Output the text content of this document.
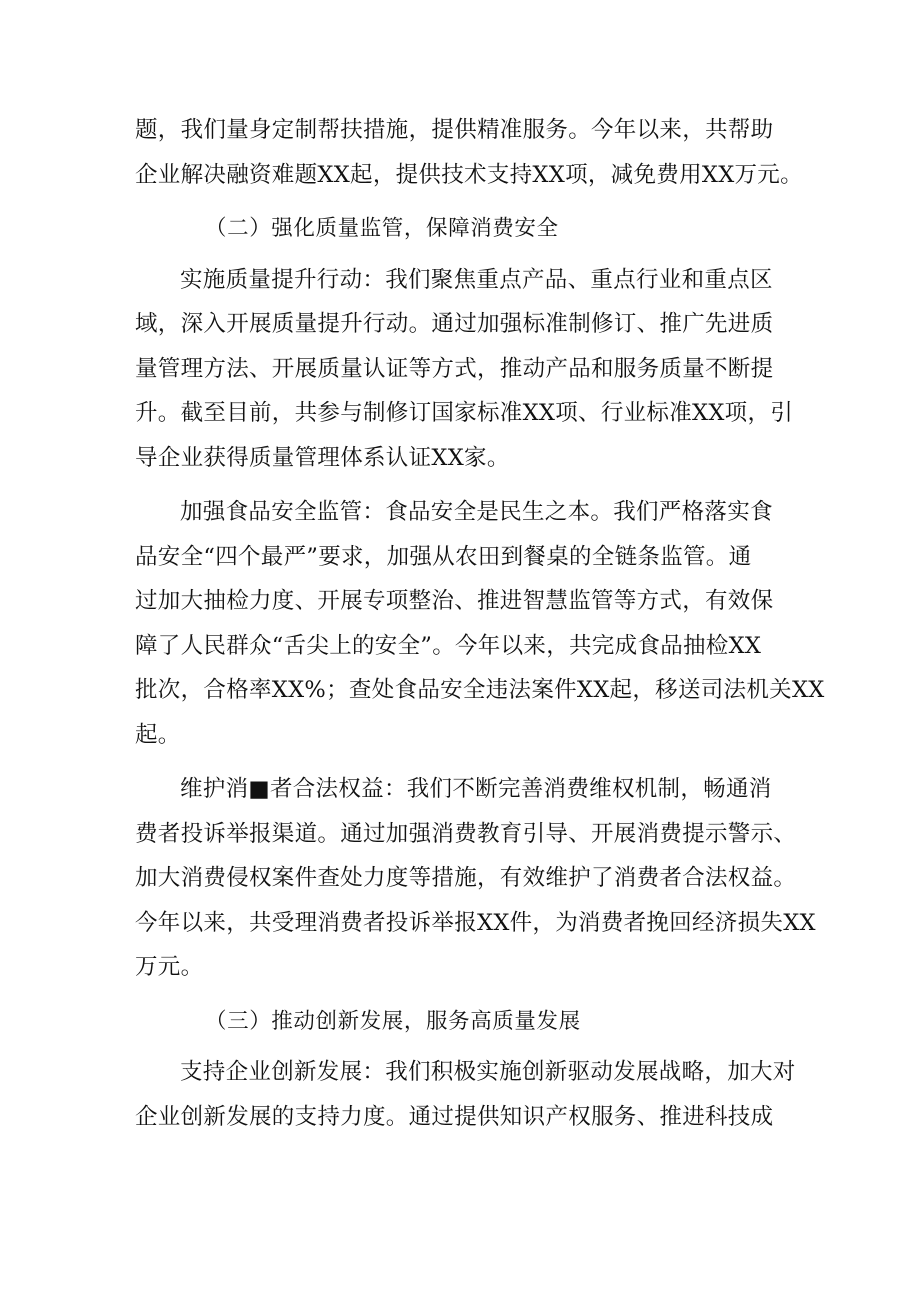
题，我们量身定制帮扶措施，提供精准服务。今年以来，共帮助
企业解决融资难题XX起，提供技术支持XX项，减免费用XX万元。

（二）强化质量监管，保障消费安全

实施质量提升行动：我们聚焦重点产品、重点行业和重点区
域，深入开展质量提升行动。通过加强标准制修订、推广先进质
量管理方法、开展质量认证等方式，推动产品和服务质量不断提
升。截至目前，共参与制修订国家标准XX项、行业标准XX项，引
导企业获得质量管理体系认证XX家。

加强食品安全监管：食品安全是民生之本。我们严格落实食
品安全“四个最严”要求，加强从农田到餐桌的全链条监管。通
过加大抽检力度、开展专项整治、推进智慧监管等方式，有效保
障了人民群众“舌尖上的安全”。今年以来，共完成食品抽检XX
批次，合格率XX%；查处食品安全违法案件XX起，移送司法机关XX
起。

维护消■者合法权益：我们不断完善消费维权机制，畅通消
费者投诉举报渠道。通过加强消费教育引导、开展消费提示警示、
加大消费侵权案件查处力度等措施，有效维护了消费者合法权益。
今年以来，共受理消费者投诉举报XX件，为消费者挽回经济损失XX
万元。

（三）推动创新发展，服务高质量发展

支持企业创新发展：我们积极实施创新驱动发展战略，加大对
企业创新发展的支持力度。通过提供知识产权服务、推进科技成
